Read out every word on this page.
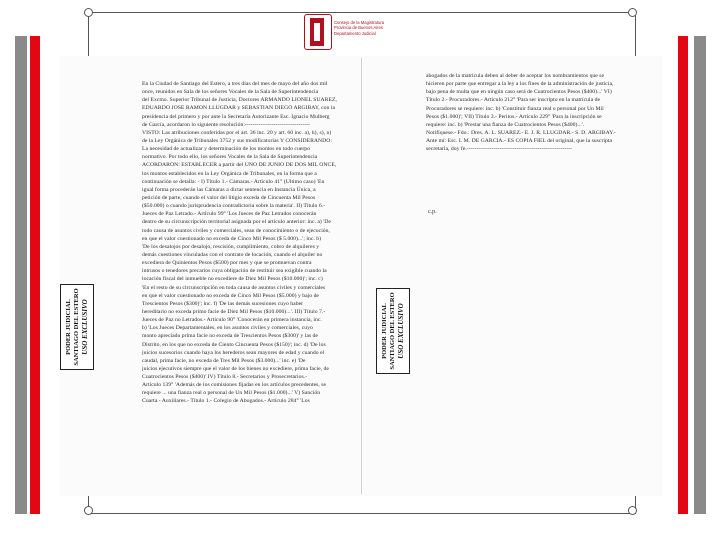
Consejo de la Magistratura
Provincia de Buenos Aires
Departamento Judicial
En la Ciudad de Santiago del Estero, a tres días del mes de mayo del año dos mil
once, reunidos en Sala de los señores Vocales de la Sala de Superintendencia
del Excmo. Superior Tribunal de Justicia, Doctores ARMANDO LIONEL SUAREZ,
EDUARDO JOSE RAMON LLUGDAR y SEBASTIAN DIEGO ARGIBAY, con la
presidencia del primero y por ante la Secretaría Autorizante Esc. Ignacio Mulberg
de García, acordaron lo siguiente resolución:----------------------------------
VISTO: Las atribuciones conferidas por el art. 36 inc. 20 y art. 60 inc. a), h), s), n)
de la Ley Orgánica de Tribunales 3752 y sus modificatorias Y CONSIDERANDO:
La necesidad de actualizar y determinación de los montos en todo cuerpo
normativo. Por todo ello, los señores Vocales de la Sala de Superintendencia
ACORDARON: ESTABLECER a partir del UNO DE JUNIO DE DOS MIL ONCE,
los montos establecidos en la Ley Orgánica de Tribunales, en la forma que a
continuación se detalla: - I) Título 1.- Cámaras.- Artículo 41° (Ultimo caso) 'En
igual forma procederán las Cámaras a dictar sentencia en Instancia Única, a
petición de parte, cuando el valor del litigio exceda de Cincuenta Mil Pesos
($50.000) o cuando jurisprudencia contradictoria sobre la materia'. II) Título 6.-
Jueces de Paz Letrado.- Artículo 99° 'Los Jueces de Paz Letrados conocerán
dentro de su circunscripción territorial asignada por el artículo anterior: inc. a) 'De
todo causa de asuntos civiles y comerciales, sean de conocimiento o de ejecución,
en que el valor cuestionado no exceda de Cinco Mil Pesos ($ 5.000)...'; inc. b)
'De los desalojos por desalojo, rescisión, cumplimiento, cobro de alquileres y
demás cuestiones vinculadas con el contrato de locación, cuando el alquiler no
excediera de Quinientos Pesos ($500) por mes y que se promuevan contra
intrusos o tenedores precarios cuya obligación de restituir sea exigible cuando la
locación fiscal del inmueble no excediere de Diez Mil Pesos ($10.000)'; inc. c)
'En el resto de su circunscripción en toda causa de asuntos civiles y comerciales
en que el valor cuestionado no exceda de Cinco Mil Pesos ($5.000) y bajo de
Trescientos Pesos ($300)'; inc. f) 'De las demás sucesiones cuyo haber
hereditario no exceda primo facie de Diez Mil Pesos ($10.000)...'. III) Título 7.-
Jueces de Paz no Letrados.- Artículo 90° 'Conocerán en primera instancia, inc.
b) 'Los Jueces Departamentales, en los asuntos civiles y comerciales, cuyo
monto apreciado prima facie no exceda de Trescientos Pesos ($300)' y las de
Distrito, en los que no exceda de Ciento Cincuenta Pesos ($150)'; inc. d) 'De los
juicios sucesorios cuando haya los herederos sean mayores de edad y cuando el
caudal, prima facie, no exceda de Tres Mil Pesos ($3.000)...' inc. e) 'De
juicios ejecutivos siempre que el valor de los bienes no excediere, prima facie, de
Cuatrocientos Pesos ($400)' IV) Título 8.- Secretarios y Prosecretarios.-
Artículo 139° 'Además de los comisiones fijadas en los artículos precedentes, se
requiere ... una fianza real o personal de Un Mil Pesos ($1.000)...' V) Sanción
Cuarta.- Auxiliares.- Título 1.- Colegio de Abogados.- Artículo 284° 'Los
abogados de la matrícula deben al deber de aceptar los nombramientos que se
hicieren por parte que entregar a la ley a los fines de la administración de justicia,
bajo pena de multa que en ningún caso será de Cuatrocientos Pesos ($400)...' VI)
Título 2.- Procuradores.- Artículo 212° 'Para ser inscripto en la matrícula de
Procuradores se requiere: inc. b) 'Constituir fianza real o personal por Un Mil
Pesos ($1.000)'; VII) Título 3.- Peritos.- Artículo 229° 'Para la inscripción se
requiere: inc. b) 'Prestar una fianza de Cuatrocientos Pesos ($400)...'.
Notifíquese.- Fdo.: Dres. A. L. SUAREZ.- E. J. R. LLUGDAR.- S. D. ARGIBAY.-
Ante mí: Esc. I. M. DE GARCIA.- ES COPIA FIEL del original, que la suscripta
secretaria, doy fe.-------------------------------------------------------
c.p.
PODER JUDICIAL SANTIAGO DEL ESTERO USO EXCLUSIVO	PODER JUDICIAL SANTIAGO DEL ESTERO USO EXCLUSIVO
